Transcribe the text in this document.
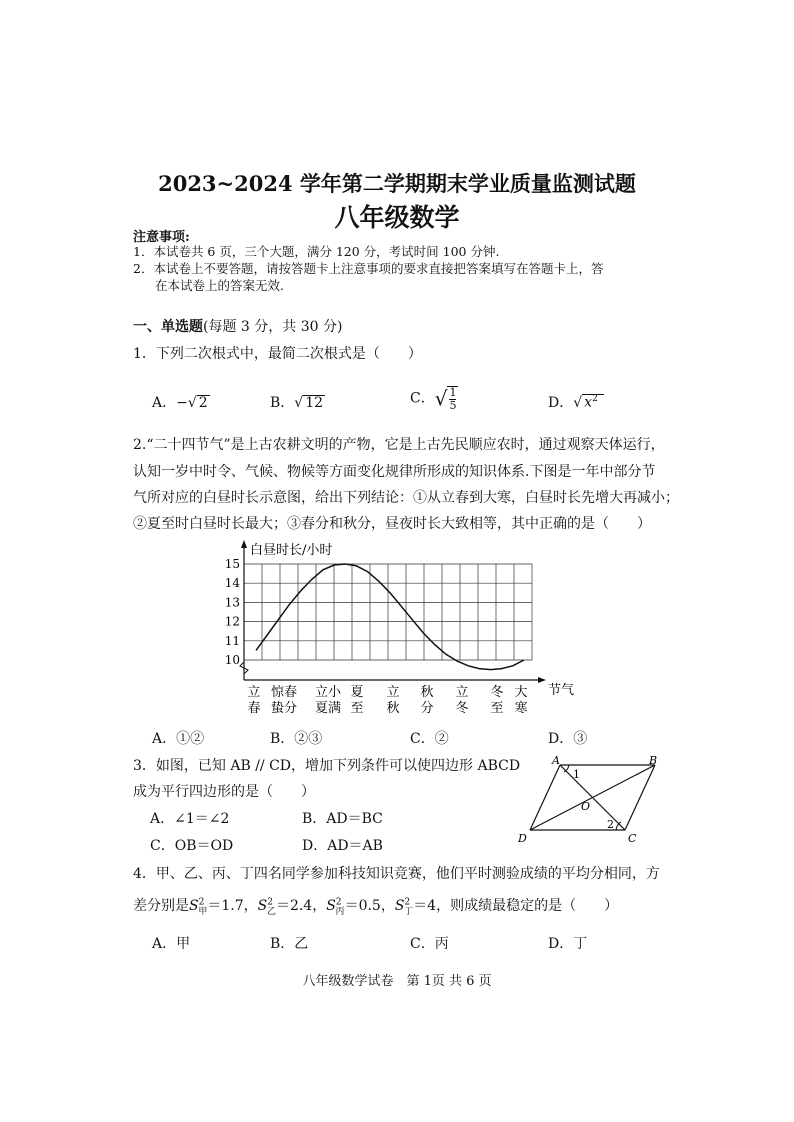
2023~2024 学年第二学期期末学业质量监测试题
八年级数学
注意事项:
1．本试卷共 6 页，三个大题，满分 120 分，考试时间 100 分钟.
2．本试卷上不要答题，请按答题卡上注意事项的要求直接把答案填写在答题卡上，答
在本试卷上的答案无效.
一、单选题(每题 3 分，共 30 分)
1．下列二次根式中，最简二次根式是（　　）
A．−√ 2	B．√ 12	C．√ $\frac{1}{5}$	D．√ $x^2$
2.“二十四节气”是上古农耕文明的产物，它是上古先民顺应农时，通过观察天体运行，
认知一岁中时令、气候、物候等方面变化规律所形成的知识体系.下图是一年中部分节
气所对应的白昼时长示意图，给出下列结论：①从立春到大寒，白昼时长先增大再减小；
②夏至时白昼时长最大；③春分和秋分，昼夜时长大致相等，其中正确的是（　　）
10
11
12
13
14
15
白昼时长/小时
节气
立 惊春 立小 夏 立 秋 立 冬 大
春 蛰分 夏满 至 秋 分 冬 至 寒
A．①②	B．②③	C．②	D．③
3．如图，已知 AB // CD，增加下列条件可以使四边形 ABCD
成为平行四边形的是（　　）
A．∠1＝∠2	B．AD＝BC
C．OB＝OD	D．AD＝AB
A	B
C
D
O
1
2
4．甲、乙、丙、丁四名同学参加科技知识竞赛，他们平时测验成绩的平均分相同，方
差分别是$S^2_甲=1.7$，$S^2_乙=2.4$，$S^2_丙=0.5$，$S^2_丁=4$，则成绩最稳定的是（　　）
A．甲	B．乙	C．丙	D．丁
八年级数学试卷　第 1页 共 6 页
